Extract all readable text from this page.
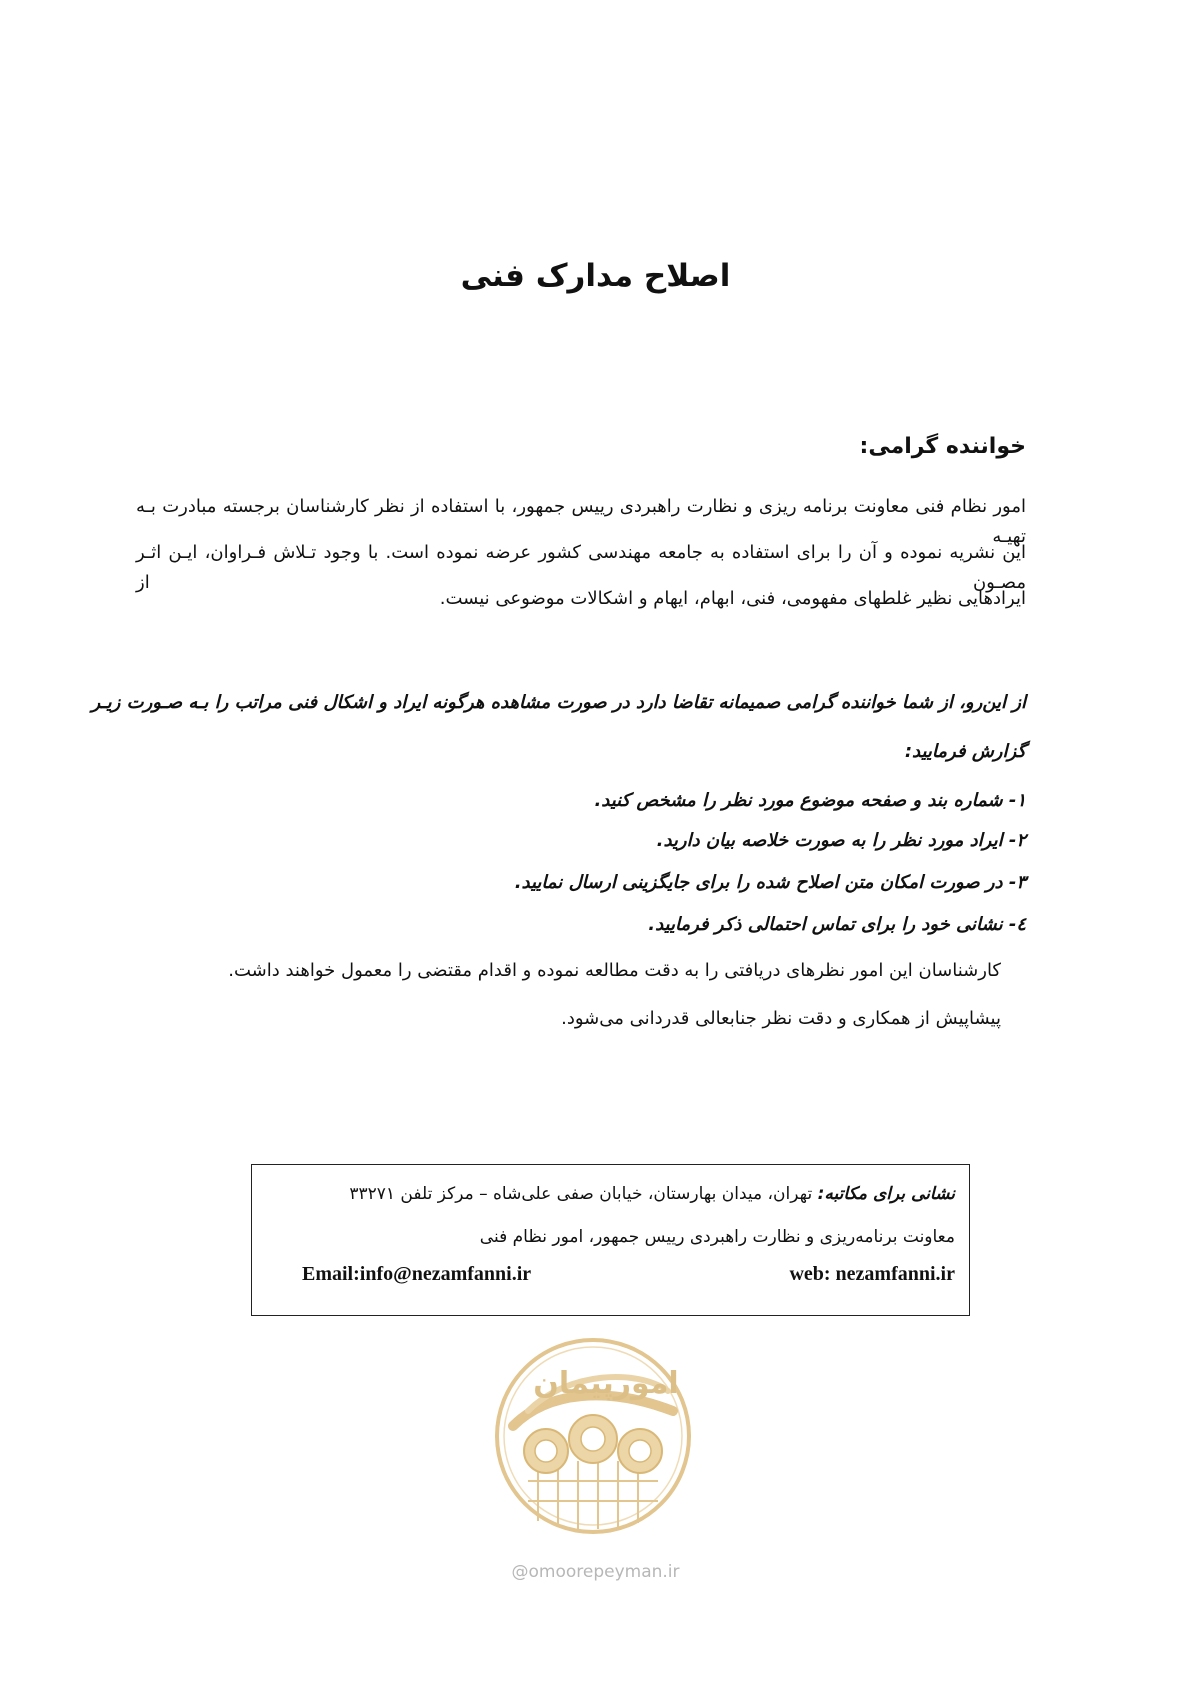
اصلاح مدارک فنی
خواننده گرامی:
امور نظام فنی معاونت برنامه ریزی و نظارت راهبردی رییس جمهور، با استفاده از نظر کارشناسان برجسته مبادرت بـه تهیـه
این نشریه نموده و آن را برای استفاده به جامعه مهندسی کشور عرضه نموده است. با وجود تـلاش فـراوان، ایـن اثـر مصـون از
ایرادهایی نظیر غلطهای مفهومی، فنی، ابهام، ایهام و اشکالات موضوعی نیست.
از این‌رو، از شما خواننده گرامی صمیمانه تقاضا دارد در صورت مشاهده هرگونه ایراد و اشکال فنی مراتب را بـه صـورت زیـر
گزارش فرمایید:
۱- شماره بند و صفحه موضوع مورد نظر را مشخص کنید.
۲- ایراد مورد نظر را به صورت خلاصه بیان دارید.
۳- در صورت امکان متن اصلاح شده را برای جایگزینی ارسال نمایید.
٤- نشانی خود را برای تماس احتمالی ذکر فرمایید.
کارشناسان این امور نظرهای دریافتی را به دقت مطالعه نموده و اقدام مقتضی را معمول خواهند داشت.
پیشاپیش از همکاری و دقت نظر جنابعالی قدردانی می‌شود.
نشانی برای مکاتبه: تهران، میدان بهارستان، خیابان صفی علی‌شاه – مرکز تلفن ۳۳۲۷۱
معاونت برنامه‌ریزی و نظارت راهبردی رییس جمهور، امور نظام فنی
web: nezamfanni.ir
Email:info@nezamfanni.ir
امورپیمان
@omoorepeyman.ir
